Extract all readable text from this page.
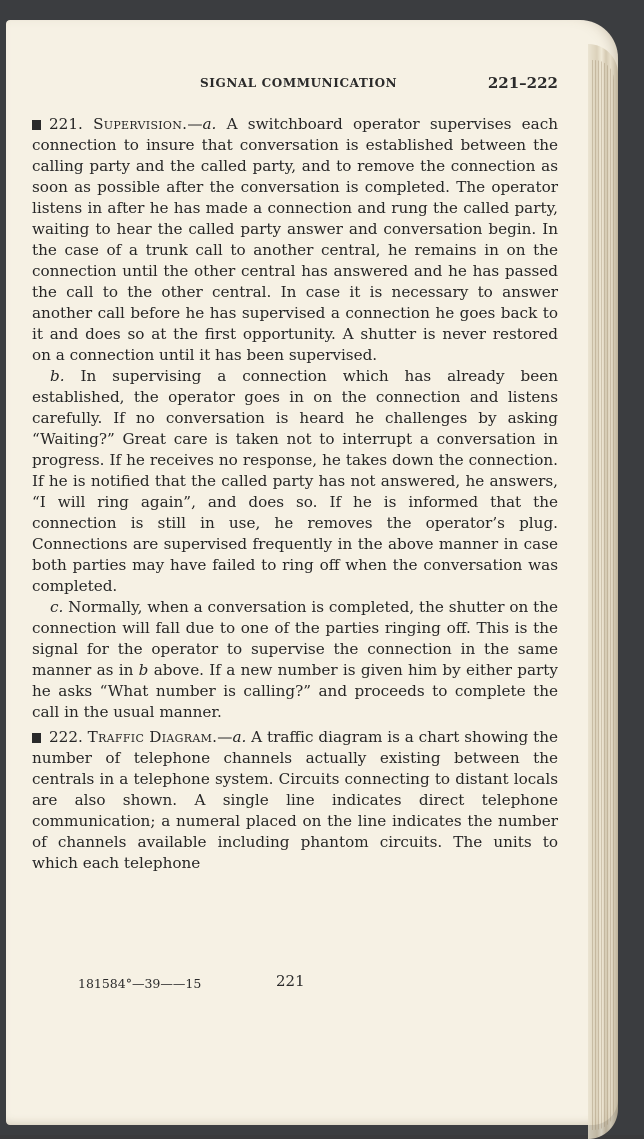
SIGNAL COMMUNICATION	221–222

221. Supervision.—a. A switchboard operator supervises each connection to insure that conversation is established between the calling party and the called party, and to remove the connection as soon as possible after the conversation is completed. The operator listens in after he has made a connection and rung the called party, waiting to hear the called party answer and conversation begin. In the case of a trunk call to another central, he remains in on the connection until the other central has answered and he has passed the call to the other central. In case it is necessary to answer another call before he has supervised a connection he goes back to it and does so at the first opportunity. A shutter is never restored on a connection until it has been supervised.

b. In supervising a connection which has already been established, the operator goes in on the connection and listens carefully. If no conversation is heard he challenges by asking “Waiting?” Great care is taken not to interrupt a conversation in progress. If he receives no response, he takes down the connection. If he is notified that the called party has not answered, he answers, “I will ring again”, and does so. If he is informed that the connection is still in use, he removes the operator’s plug. Connections are supervised frequently in the above manner in case both parties may have failed to ring off when the conversation was completed.

c. Normally, when a conversation is completed, the shutter on the connection will fall due to one of the parties ringing off. This is the signal for the operator to supervise the connection in the same manner as in b above. If a new number is given him by either party he asks “What number is calling?” and proceeds to complete the call in the usual manner.

222. Traffic Diagram.—a. A traffic diagram is a chart showing the number of telephone channels actually existing between the centrals in a telephone system. Circuits connecting to distant locals are also shown. A single line indicates direct telephone communication; a numeral placed on the line indicates the number of channels available including phantom circuits. The units to which each telephone

181584°—39——15	221
